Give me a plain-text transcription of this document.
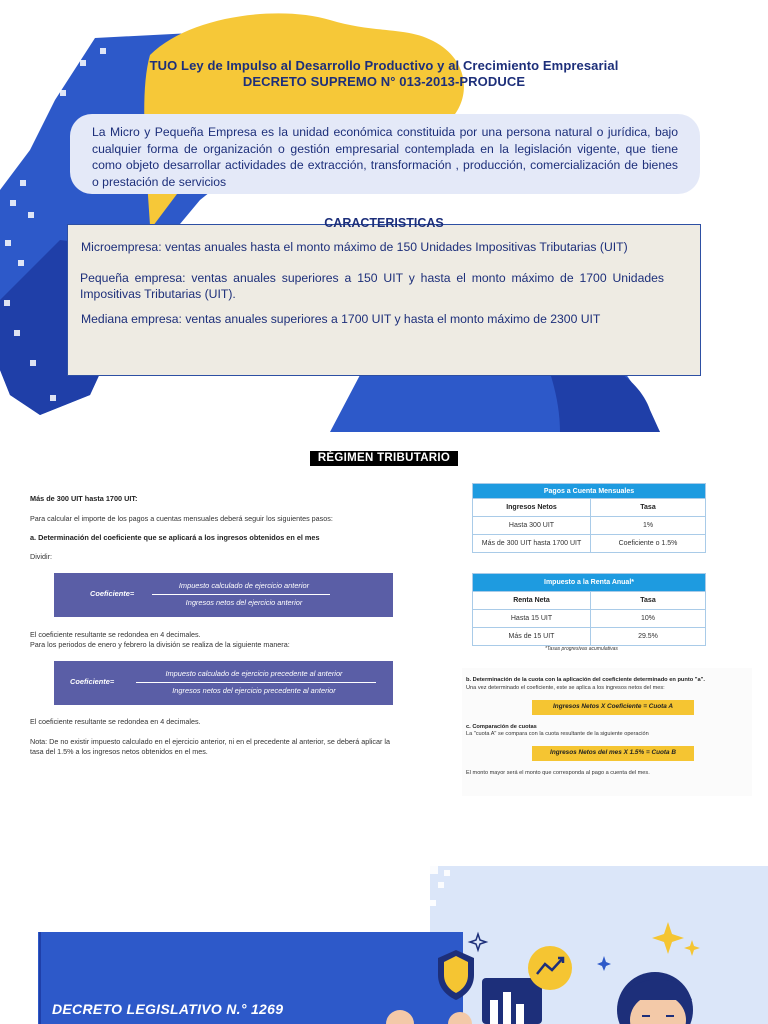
TUO Ley de Impulso al Desarrollo Productivo y al Crecimiento Empresarial
DECRETO SUPREMO N° 013-2013-PRODUCE
La Micro y Pequeña Empresa es la unidad económica constituida por una persona natural o jurídica, bajo cualquier forma de organización o gestión empresarial contemplada en la legislación vigente, que tiene como objeto desarrollar actividades de extracción, transformación , producción, comercialización de bienes o prestación de servicios

Microempresa: ventas anuales hasta el monto máximo de 150 Unidades Impositivas Tributarias (UIT)

Pequeña empresa: ventas anuales superiores a 150 UIT y hasta el monto máximo de 1700 Unidades Impositivas Tributarias (UIT).

Mediana empresa: ventas anuales superiores a 1700 UIT y hasta el monto máximo de 2300 UIT

CARACTERISTICAS
RÉGIMEN TRIBUTARIO
Más de 300 UIT hasta 1700 UIT:
Para calcular el importe de los pagos a cuentas mensuales deberá seguir los siguientes pasos:
a. Determinación del coeficiente que se aplicará a los ingresos obtenidos en el mes
Dividir:
Coeficiente=
Impuesto calculado de ejercicio anterior
Ingresos netos del ejercicio anterior
El coeficiente resultante se redondea en 4 decimales.
Para los periodos de enero y febrero la división se realiza de la siguiente manera:
Coeficiente=
Impuesto calculado de ejercicio precedente al anterior
Ingresos netos del ejercicio precedente al anterior
El coeficiente resultante se redondea en 4 decimales.
Nota: De no existir impuesto calculado en el ejercicio anterior, ni en el precedente al anterior, se deberá aplicar la
tasa del 1.5% a los ingresos netos obtenidos en el mes.
Pagos a Cuenta Mensuales	
Ingresos Netos	Tasa
Hasta 300 UIT	1%
Más de 300 UIT hasta 1700 UIT	Coeficiente o 1.5%
Impuesto a la Renta Anual*	
Renta Neta	Tasa
Hasta 15 UIT	10%
Más de 15 UIT	29.5%
*Tasas progresivas acumulativas
b. Determinación de la cuota con la aplicación del coeficiente determinado en punto "a".
Una vez determinado el coeficiente, este se aplica a los ingresos netos del mes:
Ingresos Netos X Coeficiente = Cuota A
c. Comparación de cuotas
La "cuota A" se compara con la cuota resultante de la siguiente operación
Ingresos Netos del mes X 1.5% = Cuota B
El monto mayor será el monto que corresponda al pago a cuenta del mes.
DECRETO LEGISLATIVO N.° 1269
